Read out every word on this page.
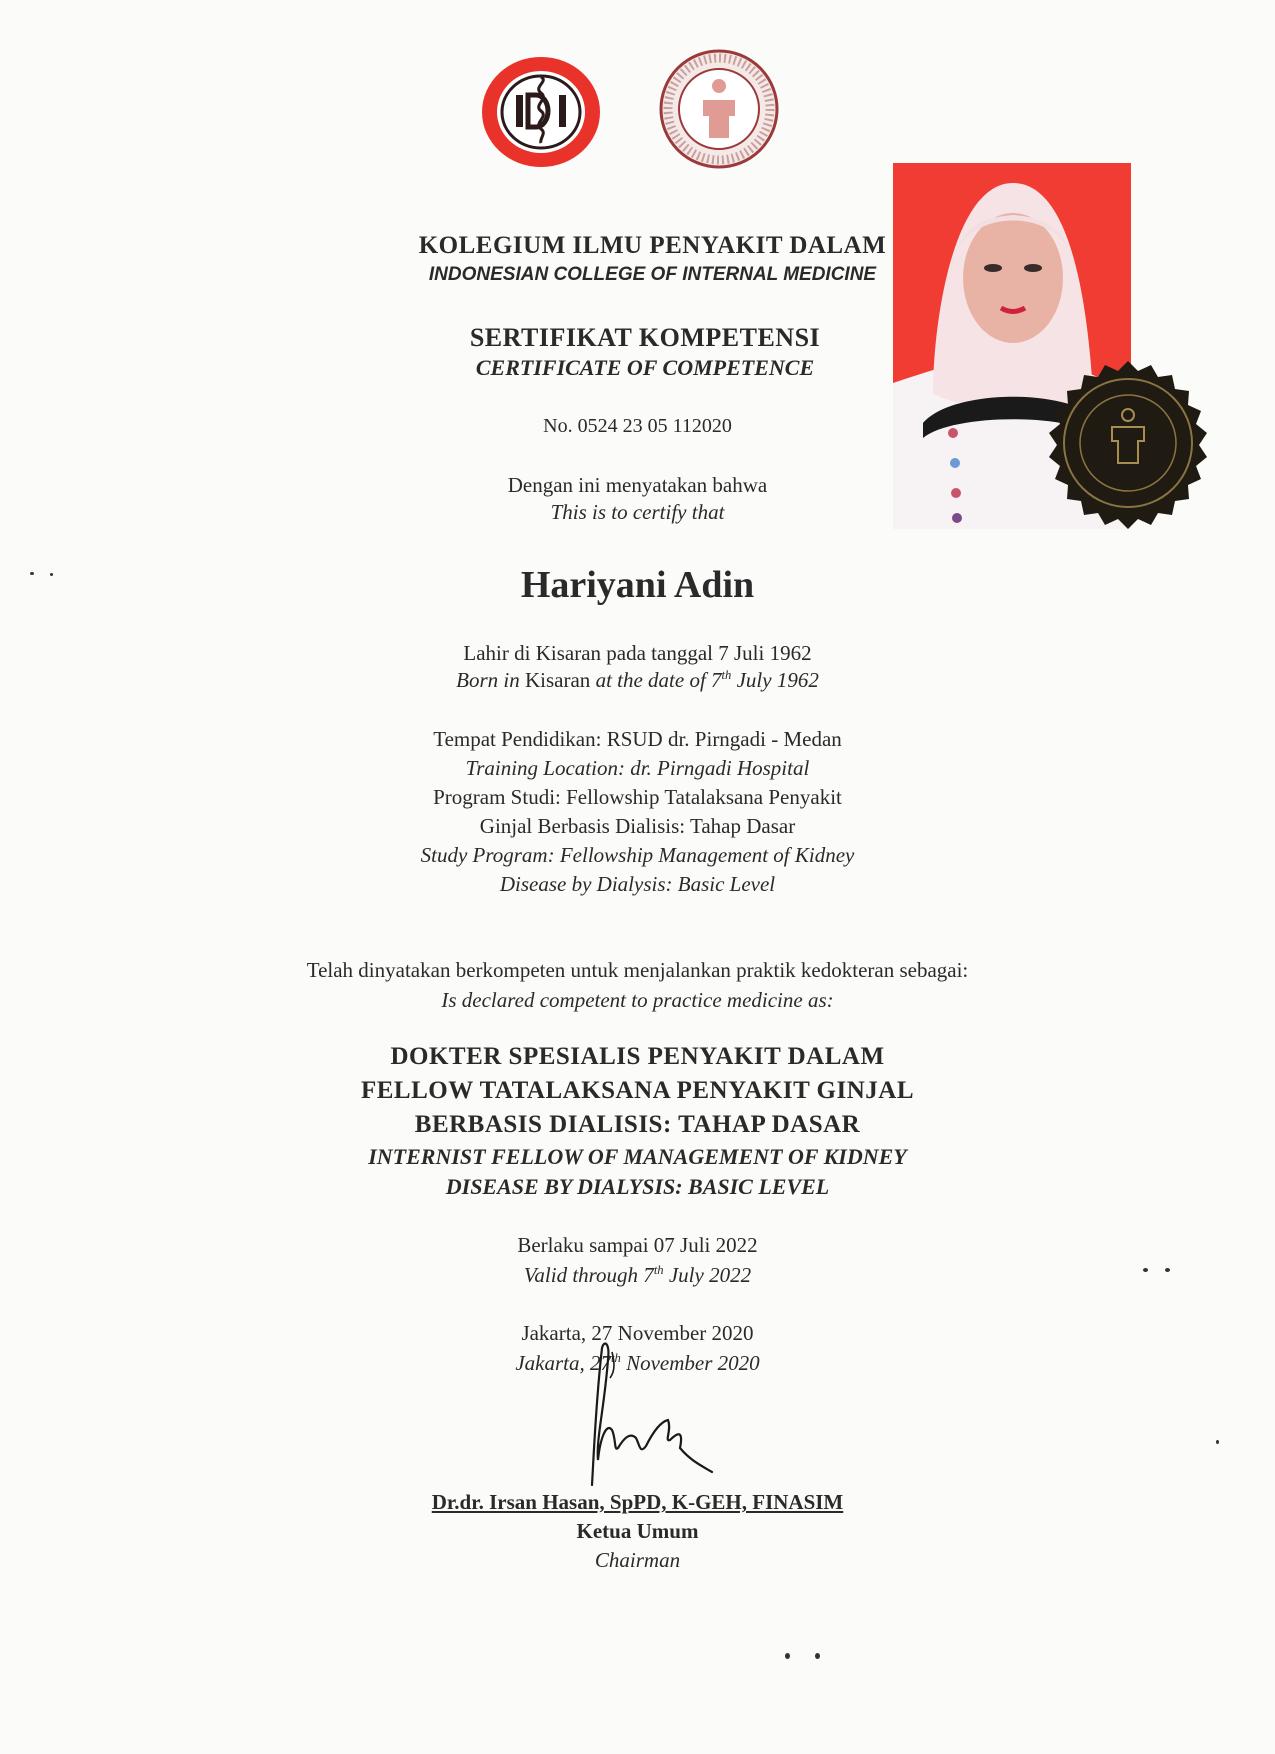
KOLEGIUM ILMU PENYAKIT DALAM
INDONESIAN COLLEGE OF INTERNAL MEDICINE
SERTIFIKAT KOMPETENSI
CERTIFICATE OF COMPETENCE
No. 0524 23 05 112020
Dengan ini menyatakan bahwa
This is to certify that
Hariyani Adin
Lahir di Kisaran pada tanggal 7 Juli 1962
Born in Kisaran at the date of 7th July 1962
Tempat Pendidikan: RSUD dr. Pirngadi - Medan
Training Location: dr. Pirngadi Hospital
Program Studi: Fellowship Tatalaksana Penyakit
Ginjal Berbasis Dialisis: Tahap Dasar
Study Program: Fellowship Management of Kidney
Disease by Dialysis: Basic Level
Telah dinyatakan berkompeten untuk menjalankan praktik kedokteran sebagai:
Is declared competent to practice medicine as:
DOKTER SPESIALIS PENYAKIT DALAM
FELLOW TATALAKSANA PENYAKIT GINJAL
BERBASIS DIALISIS: TAHAP DASAR
INTERNIST FELLOW OF MANAGEMENT OF KIDNEY
DISEASE BY DIALYSIS: BASIC LEVEL
Berlaku sampai 07 Juli 2022
Valid through 7th July 2022
Jakarta, 27 November 2020
Jakarta, 27th November 2020
Dr.dr. Irsan Hasan, SpPD, K-GEH, FINASIM
Ketua Umum
Chairman
